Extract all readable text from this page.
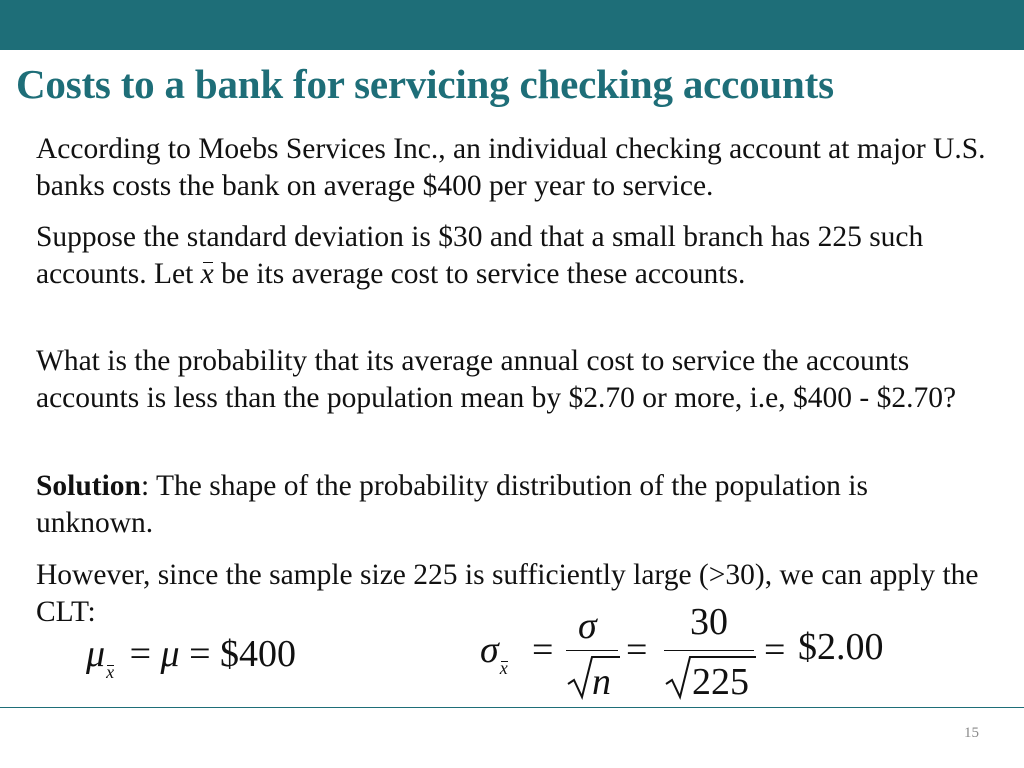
Costs to a bank for servicing checking accounts

According to Moebs Services Inc., an individual checking account at major U.S. banks costs the bank on average $400 per year to service.

Suppose the standard deviation is $30 and that a small branch has 225 such accounts. Let x be its average cost to service these accounts.

What is the probability that its average annual cost to service the accounts accounts is less than the population mean by $2.70 or more, i.e, $400 - $2.70?

Solution: The shape of the probability distribution of the population is unknown.

However, since the sample size 225 is sufficiently large (>30), we can apply the CLT:

$\mu_x = \mu$ = $400	$\sigma_x$ =
σ
n
=
30
225
= $2.00
15
